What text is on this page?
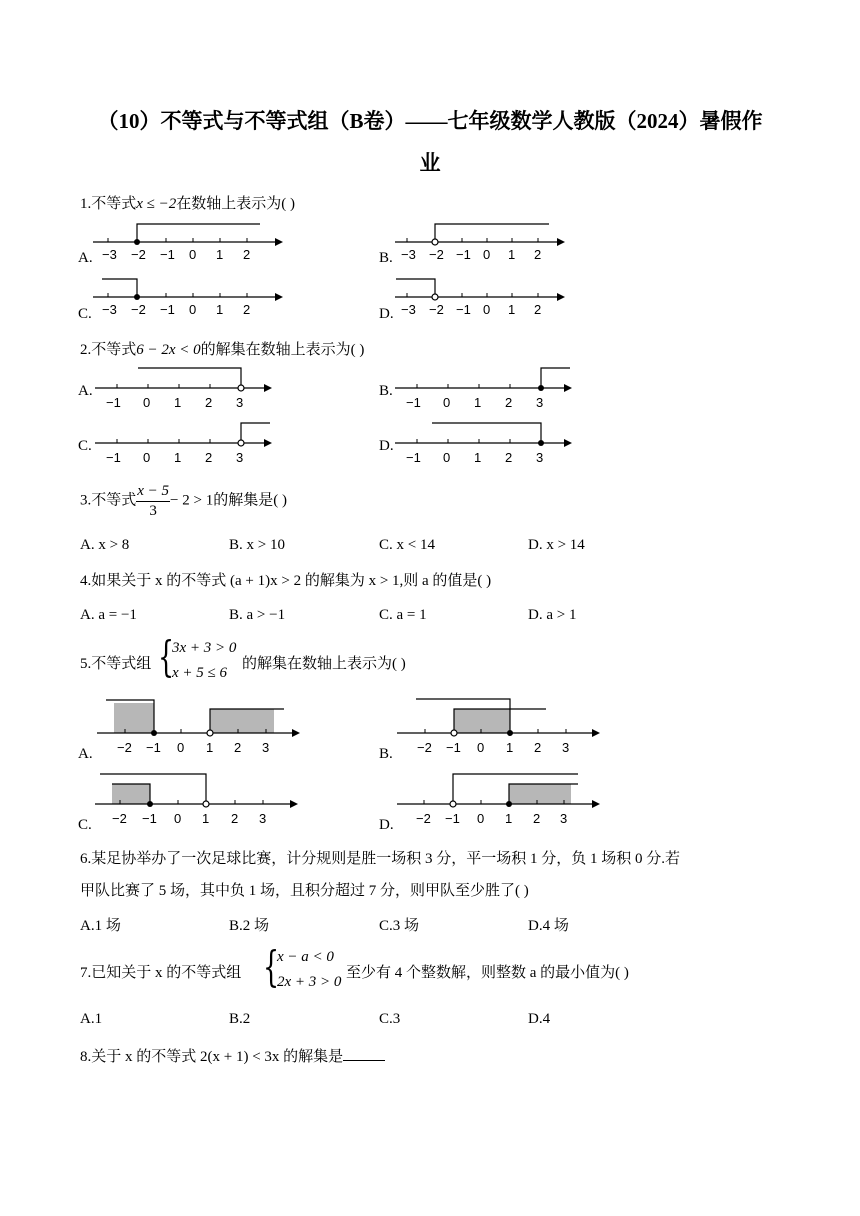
（10）不等式与不等式组（B卷）——七年级数学人教版（2024）暑假作
业
1.不等式x ≤ −2在数轴上表示为( )
A. −3 −2 −1 0 1 2	B. −3 −2 −1 0 1 2
C. −3 −2 −1 0 1 2	D. −3 −2 −1 0 1 2
2.不等式6 − 2x < 0的解集在数轴上表示为( )
A.
−1 0 1 2 3
B.
−1 0 1 2 3
C.
−1 0 1 2 3
D.
−1 0 1 2 3
3.不等式 $\frac{x - 5}{3} - 2 > 1$的解集是( )
A. x > 8	B. x > 10	C. x < 14	D. x > 14
4.如果关于 x 的不等式 (a + 1)x > 2 的解集为 x > 1,则 a 的值是( )
A. a = −1	B. a > −1	C. a = 1	D. a > 1
5.不等式组 {
3x + 3 > 0
x + 5 ≤ 6
的解集在数轴上表示为( )
A. −2 −1 0 1 2 3	B. −2 −1 0 1 2 3
C. −2 −1 0 1 2 3	D. −2 −1 0 1 2 3
6.某足协举办了一次足球比赛，计分规则是胜一场积 3 分，平一场积 1 分，负 1 场积 0 分.若
甲队比赛了 5 场，其中负 1 场，且积分超过 7 分，则甲队至少胜了( )
A.1 场	B.2 场	C.3 场	D.4 场
7.已知关于 x 的不等式组 {
x − a < 0
2x + 3 > 0
至少有 4 个整数解，则整数 a 的最小值为( )
A.1	B.2	C.3	D.4
8.关于 x 的不等式 2(x + 1) < 3x 的解集是
